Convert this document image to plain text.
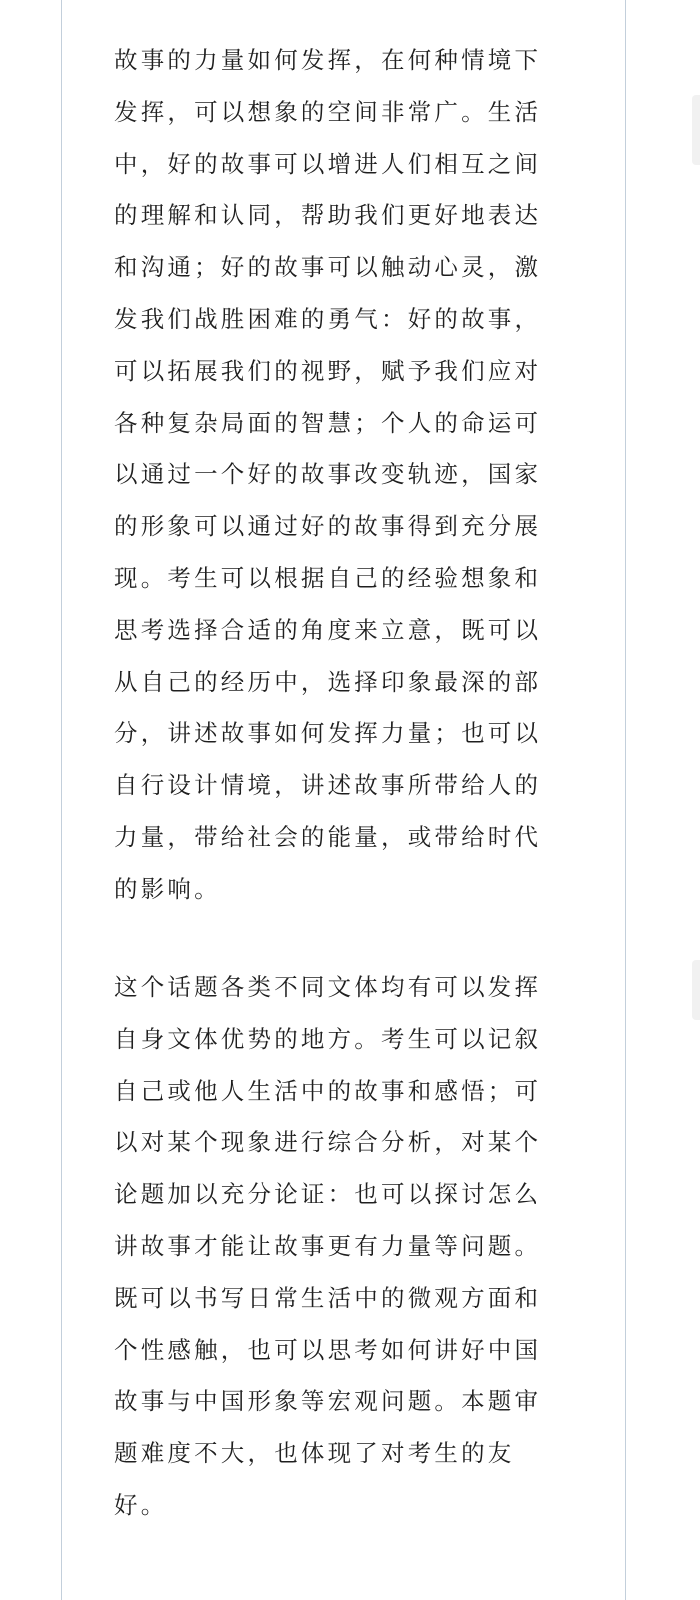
故事的力量如何发挥，在何种情境下
发挥，可以想象的空间非常广。生活
中，好的故事可以增进人们相互之间
的理解和认同，帮助我们更好地表达
和沟通；好的故事可以触动心灵，激
发我们战胜困难的勇气：好的故事，
可以拓展我们的视野，赋予我们应对
各种复杂局面的智慧；个人的命运可
以通过一个好的故事改变轨迹，国家
的形象可以通过好的故事得到充分展
现。考生可以根据自己的经验想象和
思考选择合适的角度来立意，既可以
从自己的经历中，选择印象最深的部
分，讲述故事如何发挥力量；也可以
自行设计情境，讲述故事所带给人的
力量，带给社会的能量，或带给时代
的影响。

这个话题各类不同文体均有可以发挥
自身文体优势的地方。考生可以记叙
自己或他人生活中的故事和感悟；可
以对某个现象进行综合分析，对某个
论题加以充分论证：也可以探讨怎么
讲故事才能让故事更有力量等问题。
既可以书写日常生活中的微观方面和
个性感触，也可以思考如何讲好中国
故事与中国形象等宏观问题。本题审
题难度不大，也体现了对考生的友
好。
